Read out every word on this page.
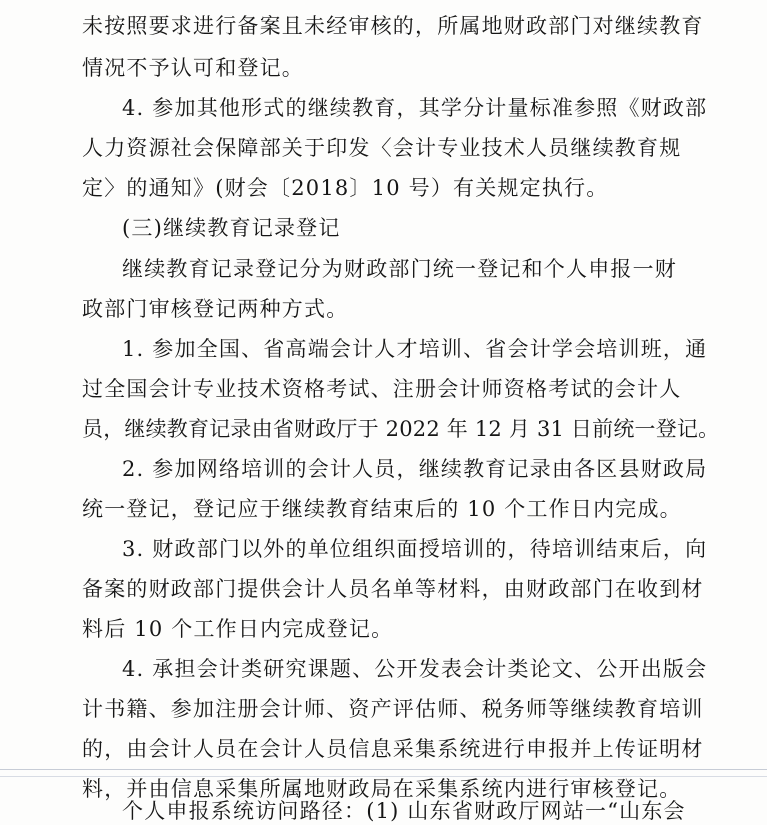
未按照要求进行备案且未经审核的，所属地财政部门对继续教育
情况不予认可和登记。
4. 参加其他形式的继续教育，其学分计量标准参照《财政部
人力资源社会保障部关于印发〈会计专业技术人员继续教育规
定〉的通知》(财会〔2018〕10 号）有关规定执行。
(三)继续教育记录登记
继续教育记录登记分为财政部门统一登记和个人申报一财
政部门审核登记两种方式。
1. 参加全国、省高端会计人才培训、省会计学会培训班，通
过全国会计专业技术资格考试、注册会计师资格考试的会计人
员，继续教育记录由省财政厅于 2022 年 12 月 31 日前统一登记。
2. 参加网络培训的会计人员，继续教育记录由各区县财政局
统一登记，登记应于继续教育结束后的 10 个工作日内完成。
3. 财政部门以外的单位组织面授培训的，待培训结束后，向
备案的财政部门提供会计人员名单等材料，由财政部门在收到材
料后 10 个工作日内完成登记。
4. 承担会计类研究课题、公开发表会计类论文、公开出版会
计书籍、参加注册会计师、资产评估师、税务师等继续教育培训
的，由会计人员在会计人员信息采集系统进行申报并上传证明材
料，并由信息采集所属地财政局在采集系统内进行审核登记。
个人申报系统访问路径：(1) 山东省财政厅网站一“山东会
